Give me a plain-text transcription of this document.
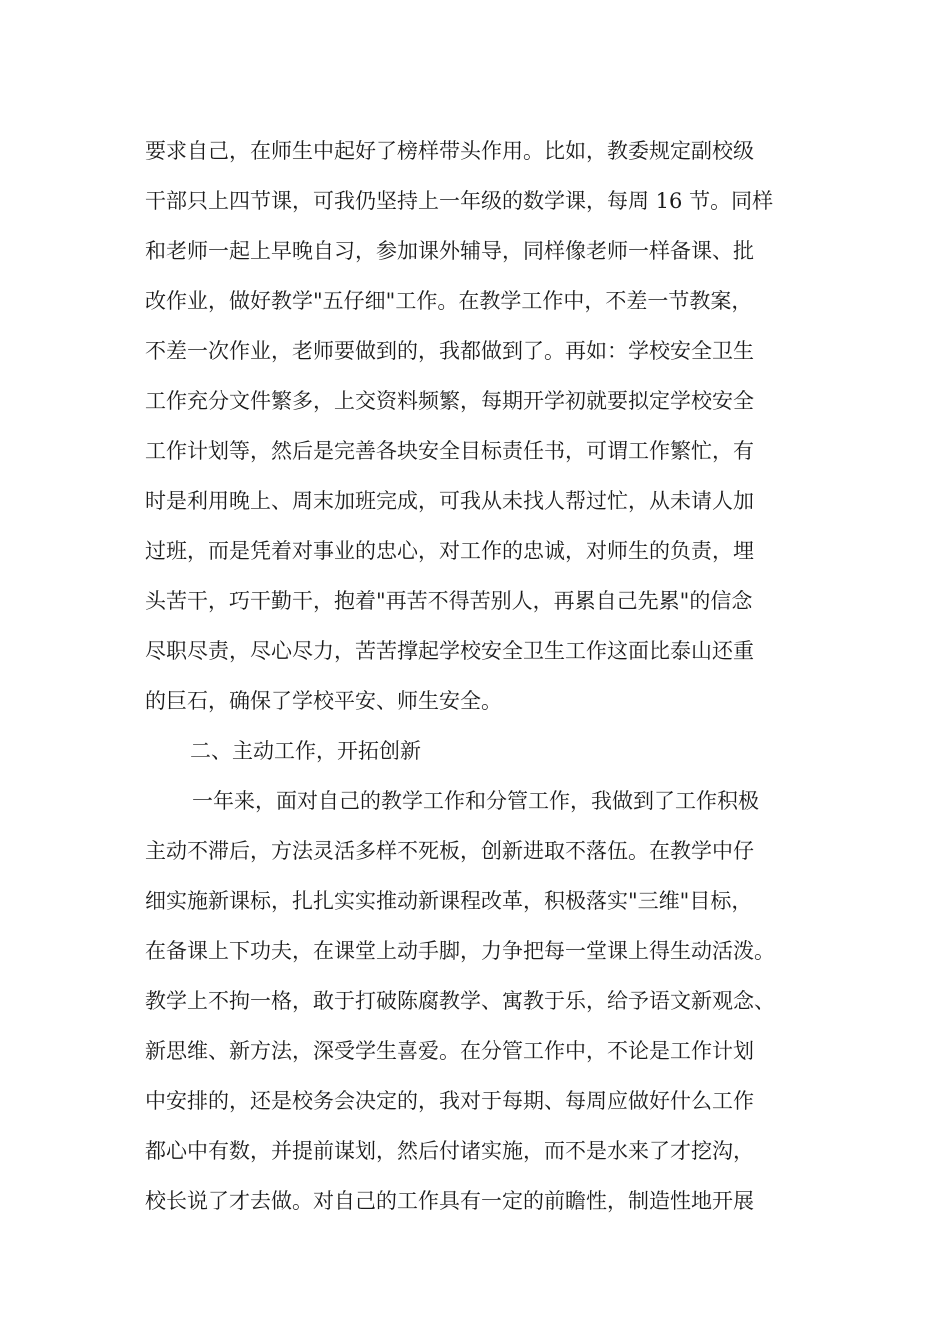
要求自己，在师生中起好了榜样带头作用。比如，教委规定副校级
干部只上四节课，可我仍坚持上一年级的数学课，每周 16 节。同样
和老师一起上早晚自习，参加课外辅导，同样像老师一样备课、批
改作业，做好教学"五仔细"工作。在教学工作中，不差一节教案，
不差一次作业，老师要做到的，我都做到了。再如：学校安全卫生
工作充分文件繁多，上交资料频繁，每期开学初就要拟定学校安全
工作计划等，然后是完善各块安全目标责任书，可谓工作繁忙，有
时是利用晚上、周末加班完成，可我从未找人帮过忙，从未请人加
过班，而是凭着对事业的忠心，对工作的忠诚，对师生的负责，埋
头苦干，巧干勤干，抱着"再苦不得苦别人，再累自己先累"的信念
尽职尽责，尽心尽力，苦苦撑起学校安全卫生工作这面比泰山还重
的巨石，确保了学校平安、师生安全。
二、主动工作，开拓创新
一年来，面对自己的教学工作和分管工作，我做到了工作积极
主动不滞后，方法灵活多样不死板，创新进取不落伍。在教学中仔
细实施新课标，扎扎实实推动新课程改革，积极落实"三维"目标，
在备课上下功夫，在课堂上动手脚，力争把每一堂课上得生动活泼。
教学上不拘一格，敢于打破陈腐教学、寓教于乐，给予语文新观念、
新思维、新方法，深受学生喜爱。在分管工作中，不论是工作计划
中安排的，还是校务会决定的，我对于每期、每周应做好什么工作
都心中有数，并提前谋划，然后付诸实施，而不是水来了才挖沟，
校长说了才去做。对自己的工作具有一定的前瞻性，制造性地开展
